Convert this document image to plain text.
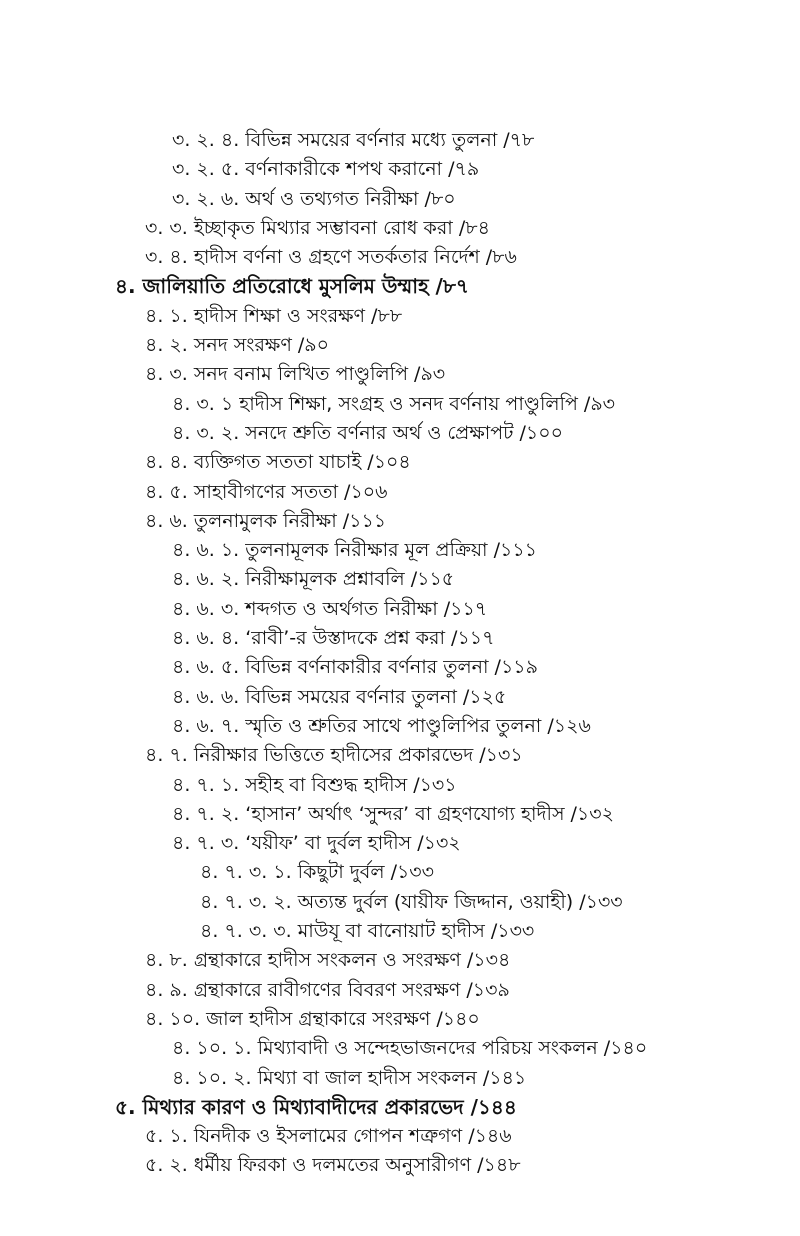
৩. ২. ৪. বিভিন্ন সময়ের বর্ণনার মধ্যে তুলনা /৭৮
৩. ২. ৫. বর্ণনাকারীকে শপথ করানো /৭৯
৩. ২. ৬. অর্থ ও তথ্যগত নিরীক্ষা /৮০
৩. ৩. ইচ্ছাকৃত মিথ্যার সম্ভাবনা রোধ করা /৮৪
৩. ৪. হাদীস বর্ণনা ও গ্রহণে সতর্কতার নির্দেশ /৮৬
৪. জালিয়াতি প্রতিরোধে মুসলিম উম্মাহ /৮৭
৪. ১. হাদীস শিক্ষা ও সংরক্ষণ /৮৮
৪. ২. সনদ সংরক্ষণ /৯০
৪. ৩. সনদ বনাম লিখিত পাণ্ডুলিপি /৯৩
৪. ৩. ১ হাদীস শিক্ষা, সংগ্রহ ও সনদ বর্ণনায় পাণ্ডুলিপি /৯৩
৪. ৩. ২. সনদে শ্রুতি বর্ণনার অর্থ ও প্রেক্ষাপট /১০০
৪. ৪. ব্যক্তিগত সততা যাচাই /১০৪
৪. ৫. সাহাবীগণের সততা /১০৬
৪. ৬. তুলনামুলক নিরীক্ষা /১১১
৪. ৬. ১. তুলনামূলক নিরীক্ষার মূল প্রক্রিয়া /১১১
৪. ৬. ২. নিরীক্ষামূলক প্রশ্নাবলি /১১৫
৪. ৬. ৩. শব্দগত ও অর্থগত নিরীক্ষা /১১৭
৪. ৬. ৪. ‘রাবী’-র উস্তাদকে প্রশ্ন করা /১১৭
৪. ৬. ৫. বিভিন্ন বর্ণনাকারীর বর্ণনার তুলনা /১১৯
৪. ৬. ৬. বিভিন্ন সময়ের বর্ণনার তুলনা /১২৫
৪. ৬. ৭. স্মৃতি ও শ্রুতির সাথে পাণ্ডুলিপির তুলনা /১২৬
৪. ৭. নিরীক্ষার ভিত্তিতে হাদীসের প্রকারভেদ /১৩১
৪. ৭. ১. সহীহ বা বিশুদ্ধ হাদীস /১৩১
৪. ৭. ২. ‘হাসান’ অর্থাৎ ‘সুন্দর’ বা গ্রহণযোগ্য হাদীস /১৩২
৪. ৭. ৩. ‘যয়ীফ’ বা দুর্বল হাদীস /১৩২
৪. ৭. ৩. ১. কিছুটা দুর্বল /১৩৩
৪. ৭. ৩. ২. অত্যন্ত দুর্বল (যায়ীফ জিদ্দান, ওয়াহী) /১৩৩
৪. ৭. ৩. ৩. মাউযূ বা বানোয়াট হাদীস /১৩৩
৪. ৮. গ্রন্থাকারে হাদীস সংকলন ও সংরক্ষণ /১৩৪
৪. ৯. গ্রন্থাকারে রাবীগণের বিবরণ সংরক্ষণ /১৩৯
৪. ১০. জাল হাদীস গ্রন্থাকারে সংরক্ষণ /১৪০
৪. ১০. ১. মিথ্যাবাদী ও সন্দেহভাজনদের পরিচয় সংকলন /১৪০
৪. ১০. ২. মিথ্যা বা জাল হাদীস সংকলন /১৪১
৫. মিথ্যার কারণ ও মিথ্যাবাদীদের প্রকারভেদ /১৪৪
৫. ১. যিনদীক ও ইসলামের গোপন শত্রুগণ /১৪৬
৫. ২. ধর্মীয় ফিরকা ও দলমতের অনুসারীগণ /১৪৮
